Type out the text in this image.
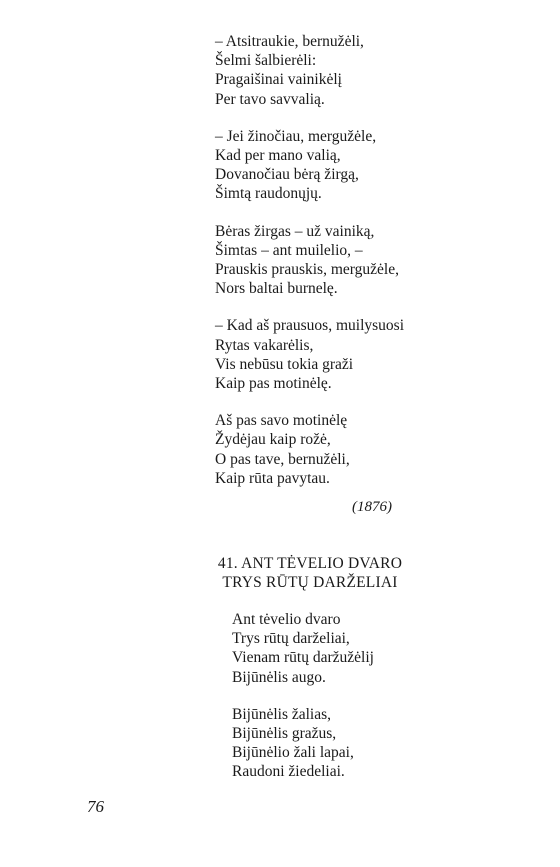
– Atsitraukie, bernužėli,
Šelmi šalbierėli:
Pragaišinai vainikėlį
Per tavo savvalią.
– Jei žinočiau, mergužėle,
Kad per mano valią,
Dovanočiau bėrą žirgą,
Šimtą raudonųjų.
Bėras žirgas – už vainiką,
Šimtas – ant muilelio, –
Prauskis prauskis, mergužėle,
Nors baltai burnelę.
– Kad aš prausuos, muilysuosi
Rytas vakarėlis,
Vis nebūsu tokia graži
Kaip pas motinėlę.
Aš pas savo motinėlę
Žydėjau kaip rožė,
O pas tave, bernužėli,
Kaip rūta pavytau.
(1876)
41. ANT TĖVELIO DVARO
TRYS RŪTŲ DARŽELIAI
Ant tėvelio dvaro
Trys rūtų darželiai,
Vienam rūtų daržužėlij
Bijūnėlis augo.
Bijūnėlis žalias,
Bijūnėlis gražus,
Bijūnėlio žali lapai,
Raudoni žiedeliai.
76
